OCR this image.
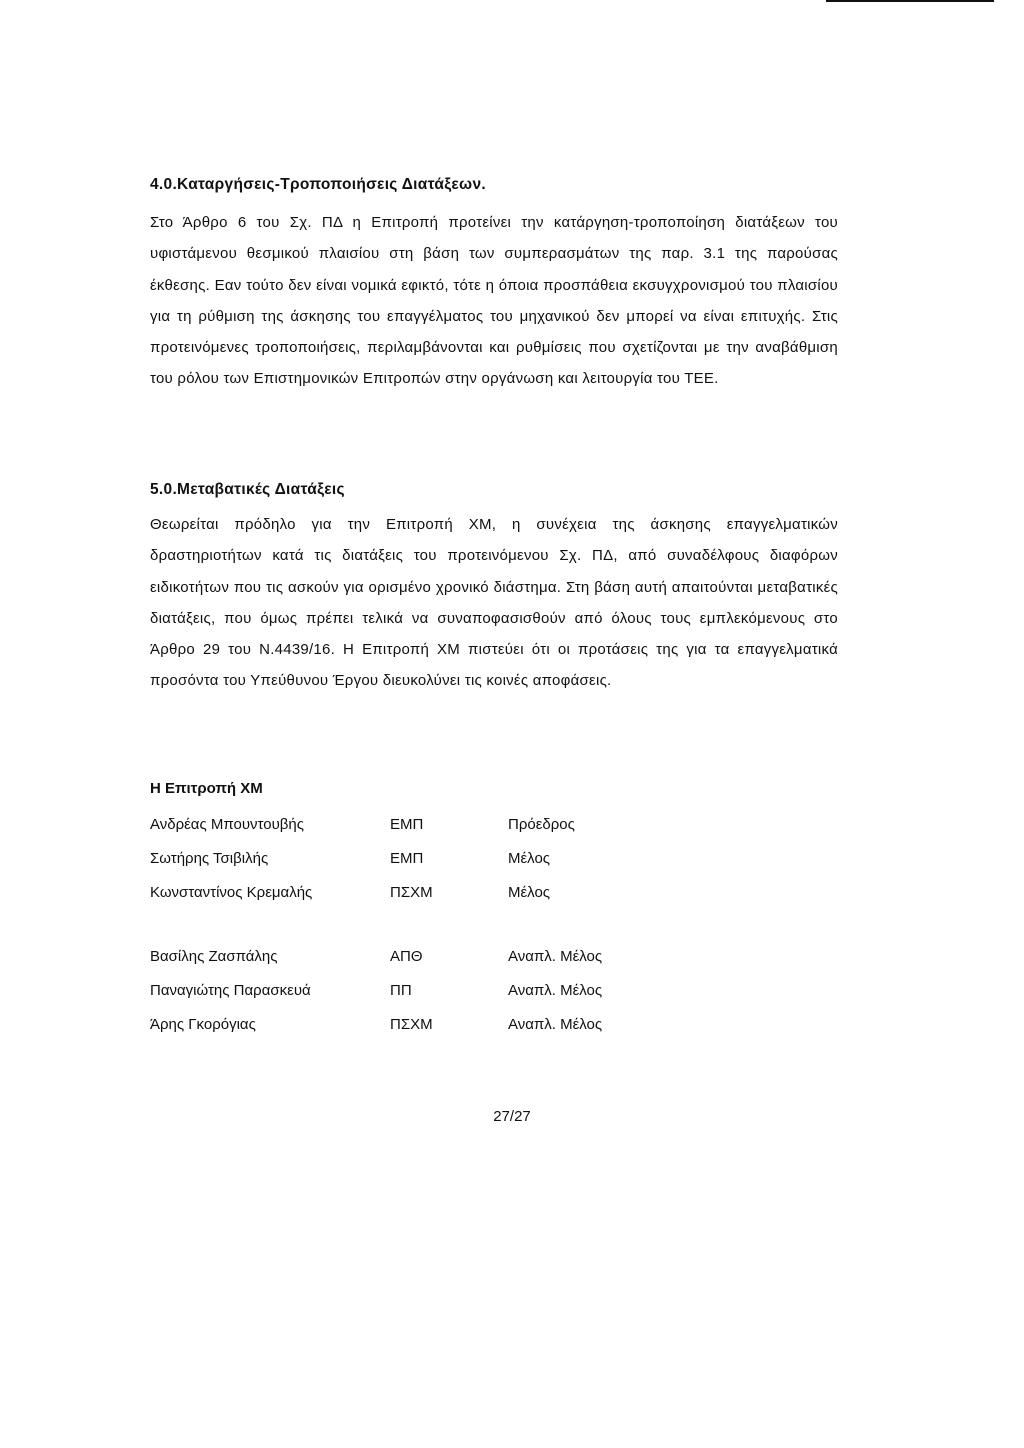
4.0.Καταργήσεις-Τροποποιήσεις Διατάξεων.

Στο Άρθρο 6 του Σχ. ΠΔ η Επιτροπή προτείνει την κατάργηση-τροποποίηση διατάξεων του υφιστάμενου θεσμικού πλαισίου στη βάση των συμπερασμάτων της παρ. 3.1 της παρούσας έκθεσης. Εαν τούτο δεν είναι νομικά εφικτό, τότε η όποια προσπάθεια εκσυγχρονισμού του πλαισίου για τη ρύθμιση της άσκησης του επαγγέλματος του μηχανικού δεν μπορεί να είναι επιτυχής. Στις προτεινόμενες τροποποιήσεις, περιλαμβάνονται και ρυθμίσεις που σχετίζονται με την αναβάθμιση του ρόλου των Επιστημονικών Επιτροπών στην οργάνωση και λειτουργία του ΤΕΕ.

5.0.Μεταβατικές Διατάξεις

Θεωρείται πρόδηλο για την Επιτροπή ΧΜ, η συνέχεια της άσκησης επαγγελματικών δραστηριοτήτων κατά τις διατάξεις του προτεινόμενου Σχ. ΠΔ, από συναδέλφους διαφόρων ειδικοτήτων που τις ασκούν για ορισμένο χρονικό διάστημα. Στη βάση αυτή απαιτούνται μεταβατικές διατάξεις, που όμως πρέπει τελικά να συναποφασισθούν από όλους τους εμπλεκόμενους στο Άρθρο 29 του Ν.4439/16. Η Επιτροπή ΧΜ πιστεύει ότι οι προτάσεις της για τα επαγγελματικά προσόντα του Υπεύθυνου Έργου διευκολύνει τις κοινές αποφάσεις.

Η Επιτροπή ΧΜ
Ανδρέας Μπουντουβής	ΕΜΠ	Πρόεδρος
Σωτήρης Τσιβιλής	ΕΜΠ	Μέλος
Κωνσταντίνος Κρεμαλής	ΠΣΧΜ	Μέλος
Βασίλης Ζασπάλης	ΑΠΘ	Αναπλ. Μέλος
Παναγιώτης Παρασκευά	ΠΠ	Αναπλ. Μέλος
Άρης Γκορόγιας	ΠΣΧΜ	Αναπλ. Μέλος

27/27
